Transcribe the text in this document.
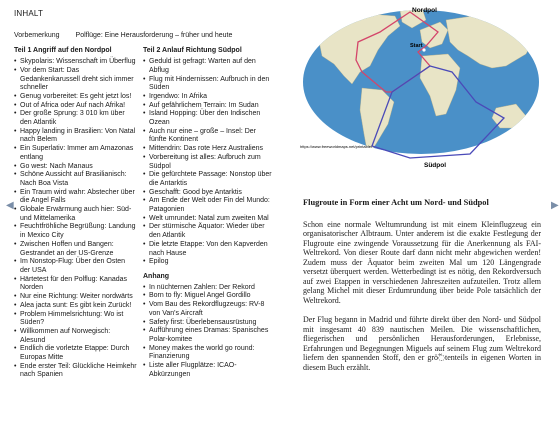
◀	▶
INHALT
Vorbemerkung Polflüge: Eine Herausforderung – früher und heute
Teil 1 Angriff auf den Nordpol
• Skypolaris: Wissenschaft im Überflug
• Vor dem Start: Das Gedankenkarussell dreht sich immer schneller
• Genug vorbereitet: Es geht jetzt los!
• Out of Africa oder Auf nach Afrika!
• Der große Sprung: 3 010 km über den Atlantik
• Happy landing in Brasilien: Von Natal nach Belem
• Ein Superlativ: Immer am Amazonas entlang
• Go west: Nach Manaus
• Schöne Aussicht auf Brasilianisch: Nach Boa Vista
• Ein Traum wird wahr: Abstecher über die Angel Falls
• Globale Erwärmung auch hier: Süd- und Mittelamerika
• Feuchtfröhliche Begrüßung: Landung in Mexico City
• Zwischen Hoffen und Bangen: Gestrandet an der US-Grenze
• Im Nonstop-Flug: Über den Osten der USA
• Härtetest für den Polflug: Kanadas Norden
• Nur eine Richtung: Weiter nordwärts
• Alea jacta sunt: Es gibt kein Zurück!
• Problem Himmelsrichtung: Wo ist Süden?
• Willkommen auf Norwegisch: Alesund
• Endlich die vorletzte Etappe: Durch Europas Mitte
• Ende erster Teil: Glückliche Heimkehr nach Spanien
Teil 2 Anlauf Richtung Südpol
• Geduld ist gefragt: Warten auf den Abflug
• Flug mit Hindernissen: Aufbruch in den Süden
• Irgendwo: In Afrika
• Auf gefährlichem Terrain: Im Sudan
• Island Hopping: Über den Indischen Ozean
• Auch nur eine – große – Insel: Der fünfte Kontinent
• Mittendrin: Das rote Herz Australiens
• Vorbereitung ist alles: Aufbruch zum Südpol
• Die gefürchtete Passage: Nonstop über die Antarktis
• Geschafft: Good bye Antarktis
• Am Ende der Welt oder Fin del Mundo: Patagonien
• Welt umrundet: Natal zum zweiten Mal
• Der stürmische Äquator: Wieder über den Atlantik
• Die letzte Etappe: Von den Kapverden nach Hause
• Epilog
Anhang
• In nüchternen Zahlen: Der Rekord
• Born to fly: Miguel Angel Gordillo
• Vom Bau des Rekordflugzeugs: RV-8 von Van's Aircraft
• Safety first: Überlebensausrüstung
• Aufführung eines Dramas: Spanisches Polar-komitee
• Money makes the world go round: Finanzierung
• Liste aller Flugplätze: ICAO-Abkürzungen
Nordpol
Start
Südpol
https://www.freeworldmaps.net/printable/
Flugroute in Form einer Acht um Nord- und Südpol

Schon eine normale Weltumrundung ist mit einem Kleinflugzeug ein organisatorischer Albtraum. Unter anderem ist die exakte Festlegung der Flugroute eine zwingende Voraussetzung für die Anerkennung als FAI-Weltrekord. Von dieser Route darf dann nicht mehr abgewichen werden! Zudem muss der Äquator beim zweiten Mal um 120 Längengrade versetzt überquert werden. Wetterbedingt ist es nötig, den Rekordversuch auf zwei Etappen in verschiedenen Jahreszeiten aufzuteilen. Trotz allem gelang Michel mit dieser Erdumrundung über beide Pole tatsächlich der Weltrekord.

Der Flug begann in Madrid und führte direkt über den Nord- und Südpol mit insgesamt 40 839 nautischen Meilen. Die wissenschaftlichen, fliegerischen und persönlichen Herausforderungen, Erlebnisse, Erfahrungen und Begegnungen Miguels auf seinem Flug zum Weltrekord liefern den spannenden Stoff, den er grö߬tenteils in eigenen Worten in diesem Buch erzählt.
